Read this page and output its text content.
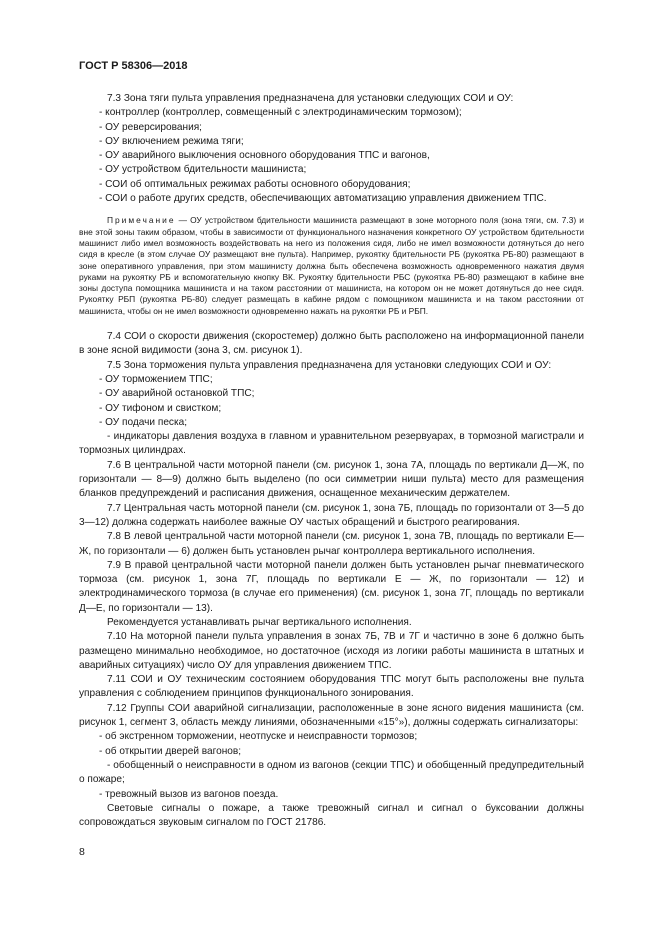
ГОСТ Р 58306—2018

7.3 Зона тяги пульта управления предназначена для установки следующих СОИ и ОУ:

- контроллер (контроллер, совмещенный с электродинамическим тормозом);

- ОУ реверсирования;

- ОУ включением режима тяги;

- ОУ аварийного выключения основного оборудования ТПС и вагонов,

- ОУ устройством бдительности машиниста;

- СОИ об оптимальных режимах работы основного оборудования;

- СОИ о работе других средств, обеспечивающих автоматизацию управления движением ТПС.

Примечание — ОУ устройством бдительности машиниста размещают в зоне моторного поля (зона тяги, см. 7.3) и вне этой зоны таким образом, чтобы в зависимости от функционального назначения конкретного ОУ устройством бдительности машинист либо имел возможность воздействовать на него из положения сидя, либо не имел возможности дотянуться до него сидя в кресле (в этом случае ОУ размещают вне пульта). Например, рукоятку бдительности РБ (рукоятка РБ-80) размещают в зоне оперативного управления, при этом машинисту должна быть обеспечена возможность одновременного нажатия двумя руками на рукоятку РБ и вспомогательную кнопку ВК. Рукоятку бдительности РБС (рукоятка РБ-80) размещают в кабине вне зоны доступа помощника машиниста и на таком расстоянии от машиниста, на котором он не может дотянуться до нее сидя. Рукоятку РБП (рукоятка РБ-80) следует размещать в кабине рядом с помощником машиниста и на таком расстоянии от машиниста, чтобы он не имел возможности одновременно нажать на рукоятки РБ и РБП.

7.4 СОИ о скорости движения (скоростемер) должно быть расположено на информационной панели в зоне ясной видимости (зона 3, см. рисунок 1).

7.5 Зона торможения пульта управления предназначена для установки следующих СОИ и ОУ:

- ОУ торможением ТПС;

- ОУ аварийной остановкой ТПС;

- ОУ тифоном и свистком;

- ОУ подачи песка;

- индикаторы давления воздуха в главном и уравнительном резервуарах, в тормозной магистрали и тормозных цилиндрах.

7.6 В центральной части моторной панели (см. рисунок 1, зона 7А, площадь по вертикали Д—Ж, по горизонтали — 8—9) должно быть выделено (по оси симметрии ниши пульта) место для размещения бланков предупреждений и расписания движения, оснащенное механическим держателем.

7.7 Центральная часть моторной панели (см. рисунок 1, зона 7Б, площадь по горизонтали от 3—5 до 3—12) должна содержать наиболее важные ОУ частых обращений и быстрого реагирования.

7.8 В левой центральной части моторной панели (см. рисунок 1, зона 7В, площадь по вертикали Е—Ж, по горизонтали — 6) должен быть установлен рычаг контроллера вертикального исполнения.

7.9 В правой центральной части моторной панели должен быть установлен рычаг пневматического тормоза (см. рисунок 1, зона 7Г, площадь по вертикали Е — Ж, по горизонтали — 12) и электродинамического тормоза (в случае его применения) (см. рисунок 1, зона 7Г, площадь по вертикали Д—Е, по горизонтали — 13).

Рекомендуется устанавливать рычаг вертикального исполнения.

7.10 На моторной панели пульта управления в зонах 7Б, 7В и 7Г и частично в зоне 6 должно быть размещено минимально необходимое, но достаточное (исходя из логики работы машиниста в штатных и аварийных ситуациях) число ОУ для управления движением ТПС.

7.11 СОИ и ОУ техническим состоянием оборудования ТПС могут быть расположены вне пульта управления с соблюдением принципов функционального зонирования.

7.12 Группы СОИ аварийной сигнализации, расположенные в зоне ясного видения машиниста (см. рисунок 1, сегмент 3, область между линиями, обозначенными «15°»), должны содержать сигнализаторы:

- об экстренном торможении, неотпуске и неисправности тормозов;

- об открытии дверей вагонов;

- обобщенный о неисправности в одном из вагонов (секции ТПС) и обобщенный предупредительный о пожаре;

- тревожный вызов из вагонов поезда.

Световые сигналы о пожаре, а также тревожный сигнал и сигнал о буксовании должны сопровождаться звуковым сигналом по ГОСТ 21786.

8
